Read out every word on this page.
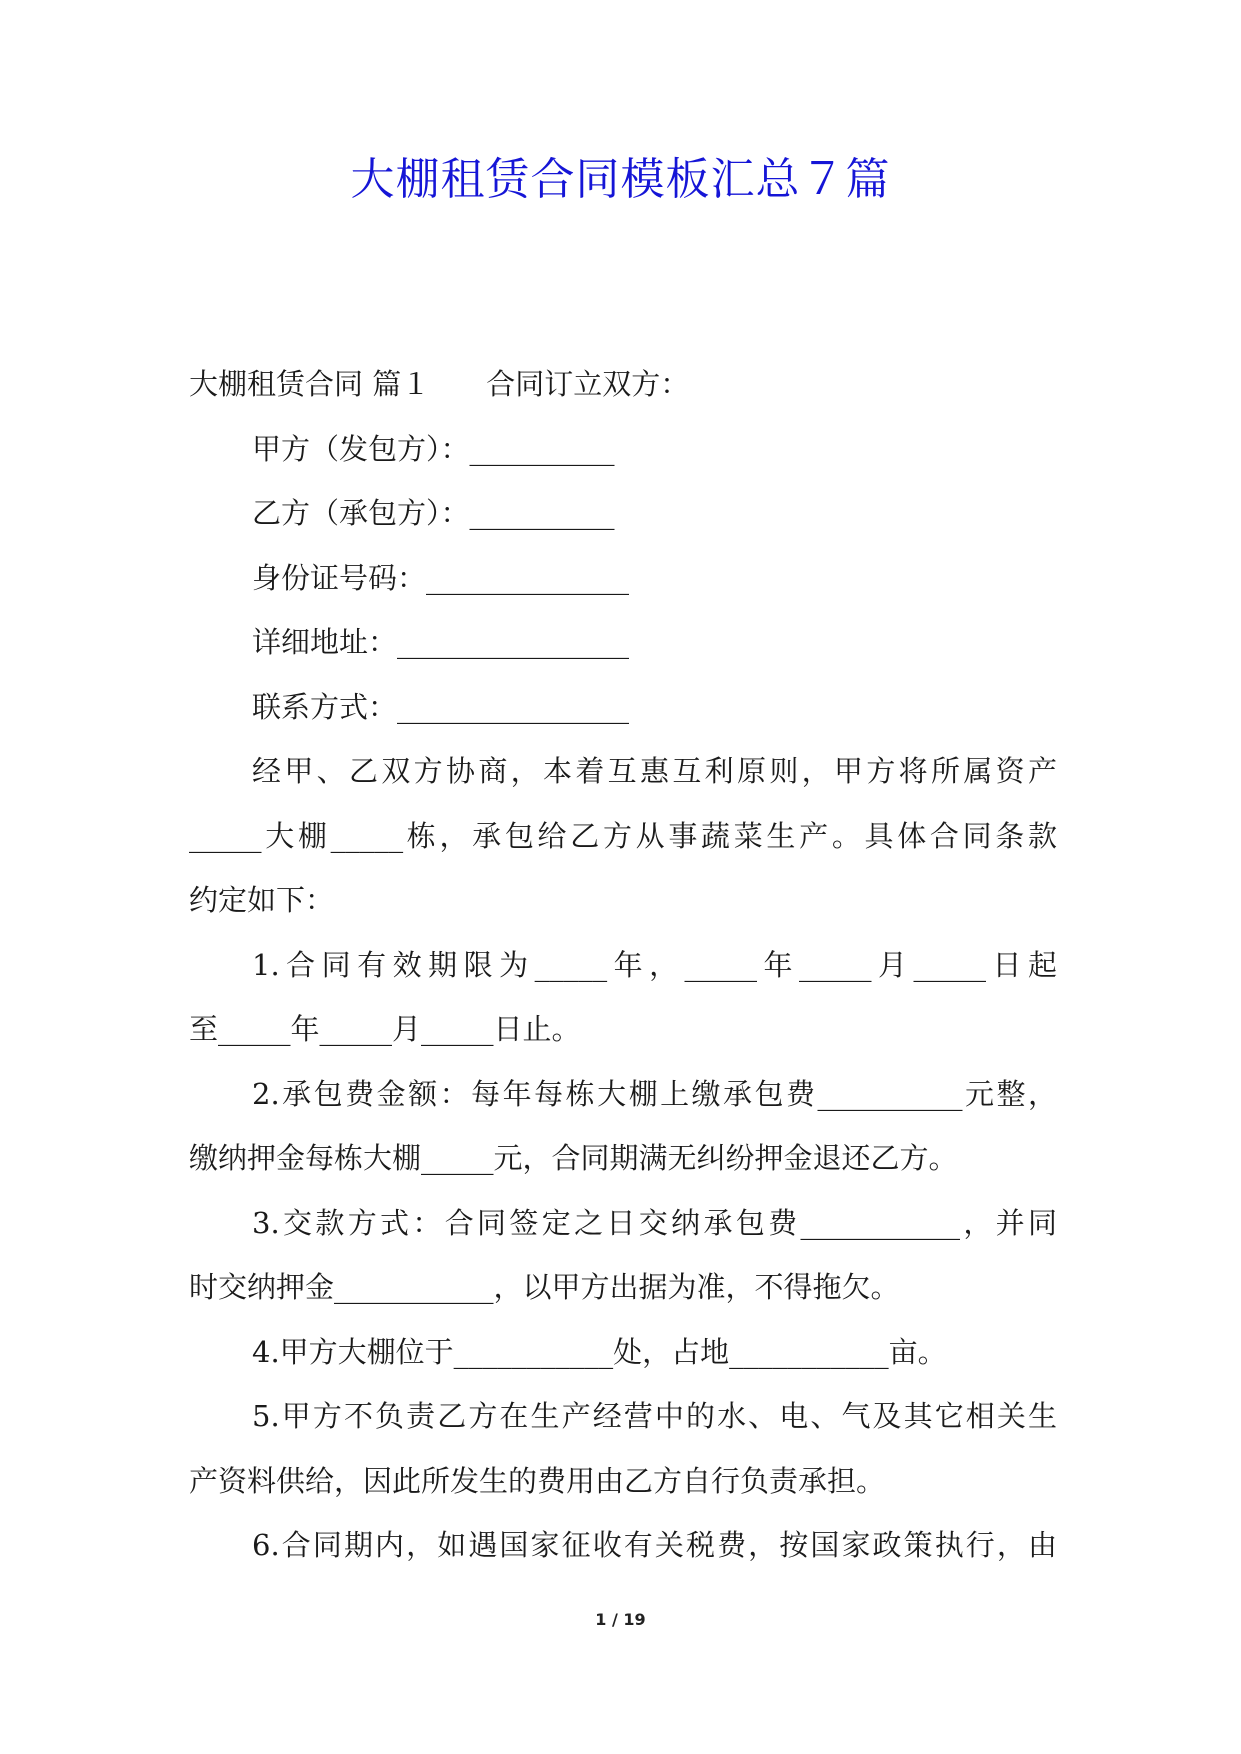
大棚租赁合同模板汇总７篇

大棚租赁合同 篇１ 合同订立双方：

甲方（发包方）：__________

乙方（承包方）：__________

身份证号码：______________

详细地址：________________

联系方式：________________

经甲、乙双方协商，本着互惠互利原则，甲方将所属资产

_____大棚_____栋，承包给乙方从事蔬菜生产。具体合同条款

约定如下：

1.合同有效期限为_____年，_____年_____月_____日起

至_____年_____月_____日止。

2.承包费金额：每年每栋大棚上缴承包费__________元整，

缴纳押金每栋大棚_____元，合同期满无纠纷押金退还乙方。

3.交款方式：合同签定之日交纳承包费___________，并同

时交纳押金___________，以甲方出据为准，不得拖欠。

4.甲方大棚位于___________处，占地___________亩。

5.甲方不负责乙方在生产经营中的水、电、气及其它相关生

产资料供给，因此所发生的费用由乙方自行负责承担。

6.合同期内，如遇国家征收有关税费，按国家政策执行，由

1 / 19
